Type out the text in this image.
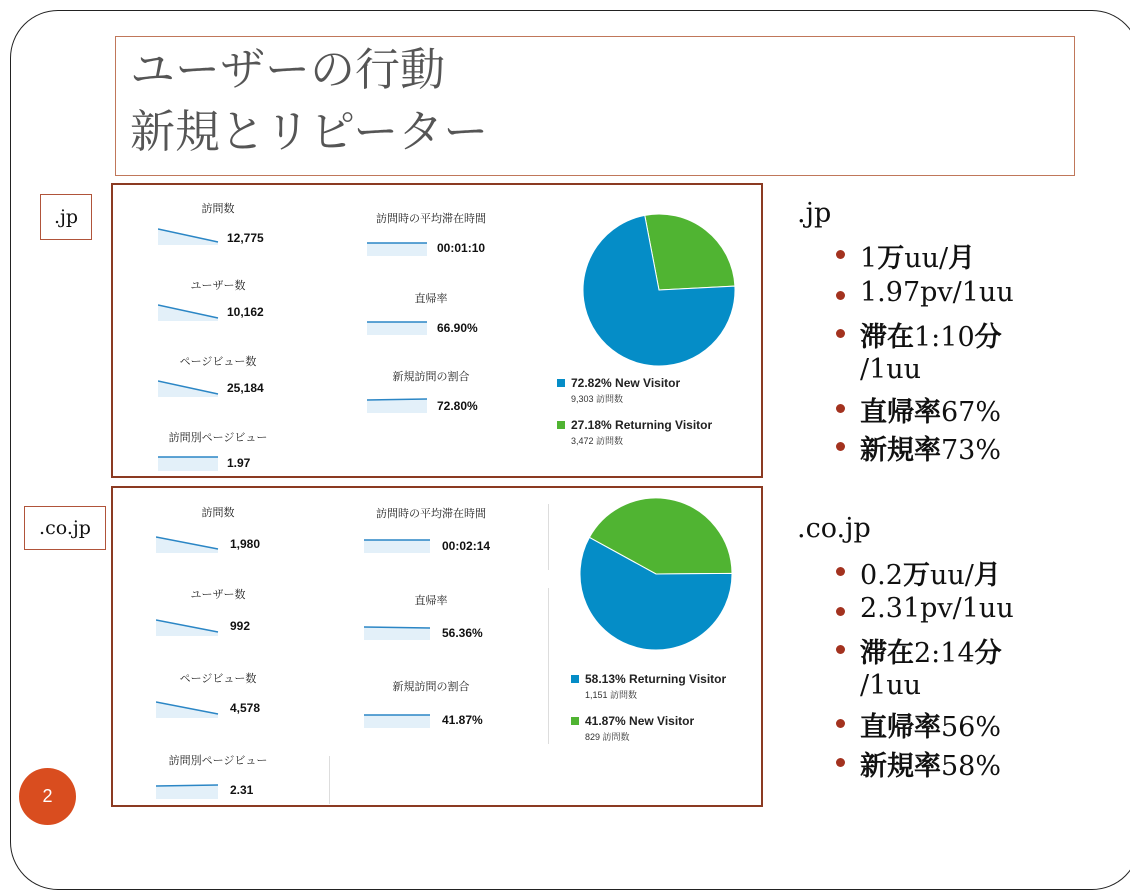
ユーザーの行動
新規とリピーター
.jp
.co.jp
訪問数
12,775
ユーザー数
10,162
ページビュー数
25,184
訪問別ページビュー
1.97
訪問時の平均滞在時間
00:01:10
直帰率
66.90%
新規訪問の割合
72.80%
72.82% New Visitor
9,303 訪問数
27.18% Returning Visitor
3,472 訪問数
訪問数
1,980
ユーザー数
992
ページビュー数
4,578
訪問別ページビュー
2.31
訪問時の平均滞在時間
00:02:14
直帰率
56.36%
新規訪問の割合
41.87%
58.13% Returning Visitor
1,151 訪問数
41.87% New Visitor
829 訪問数
.jp
1万uu/月
1.97pv/1uu
滞在1:10分
/1uu
直帰率67%
新規率73%
.co.jp
0.2万uu/月
2.31pv/1uu
滞在2:14分
/1uu
直帰率56%
新規率58%
2
